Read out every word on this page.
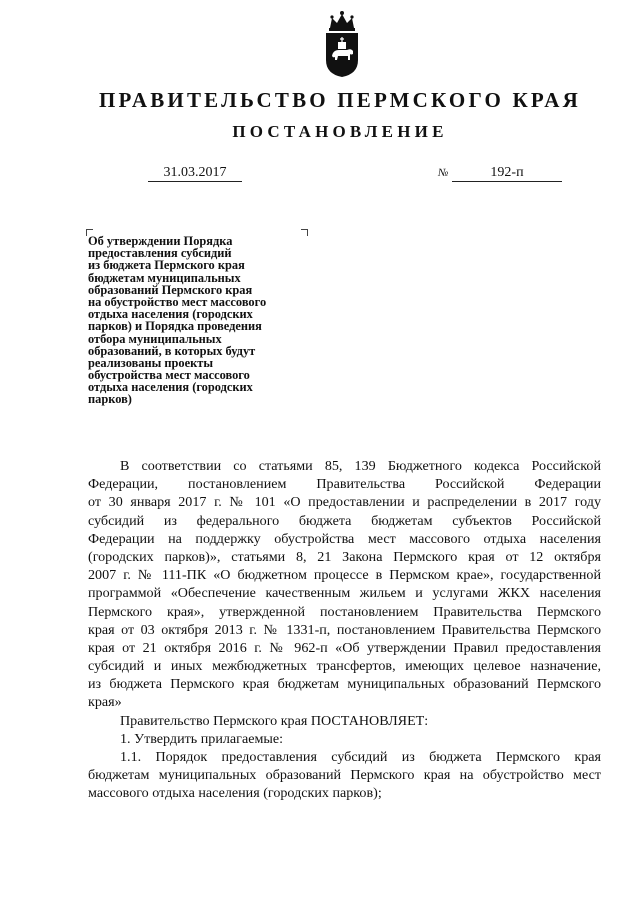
ПРАВИТЕЛЬСТВО ПЕРМСКОГО КРАЯ
ПОСТАНОВЛЕНИЕ
31.03.2017	№	192-п
Об утверждении Порядка
предоставления субсидий
из бюджета Пермского края
бюджетам муниципальных
образований Пермского края
на обустройство мест массового
отдыха населения (городских
парков) и Порядка проведения
отбора муниципальных
образований, в которых будут
реализованы проекты
обустройства мест массового
отдыха населения (городских
парков)
В соответствии со статьями 85, 139 Бюджетного кодекса Российской
Федерации, постановлением Правительства Российской Федерации
от 30 января 2017 г. № 101 «О предоставлении и распределении в 2017 году
субсидий из федерального бюджета бюджетам субъектов Российской
Федерации на поддержку обустройства мест массового отдыха населения
(городских парков)», статьями 8, 21 Закона Пермского края от 12 октября
2007 г. № 111-ПК «О бюджетном процессе в Пермском крае», государственной
программой «Обеспечение качественным жильем и услугами ЖКХ населения
Пермского края», утвержденной постановлением Правительства Пермского
края от 03 октября 2013 г. № 1331-п, постановлением Правительства Пермского
края от 21 октября 2016 г. № 962-п «Об утверждении Правил предоставления
субсидий и иных межбюджетных трансфертов, имеющих целевое назначение,
из бюджета Пермского края бюджетам муниципальных образований Пермского
края»
Правительство Пермского края ПОСТАНОВЛЯЕТ:
1. Утвердить прилагаемые:
1.1. Порядок предоставления субсидий из бюджета Пермского края
бюджетам муниципальных образований Пермского края на обустройство мест
массового отдыха населения (городских парков);
